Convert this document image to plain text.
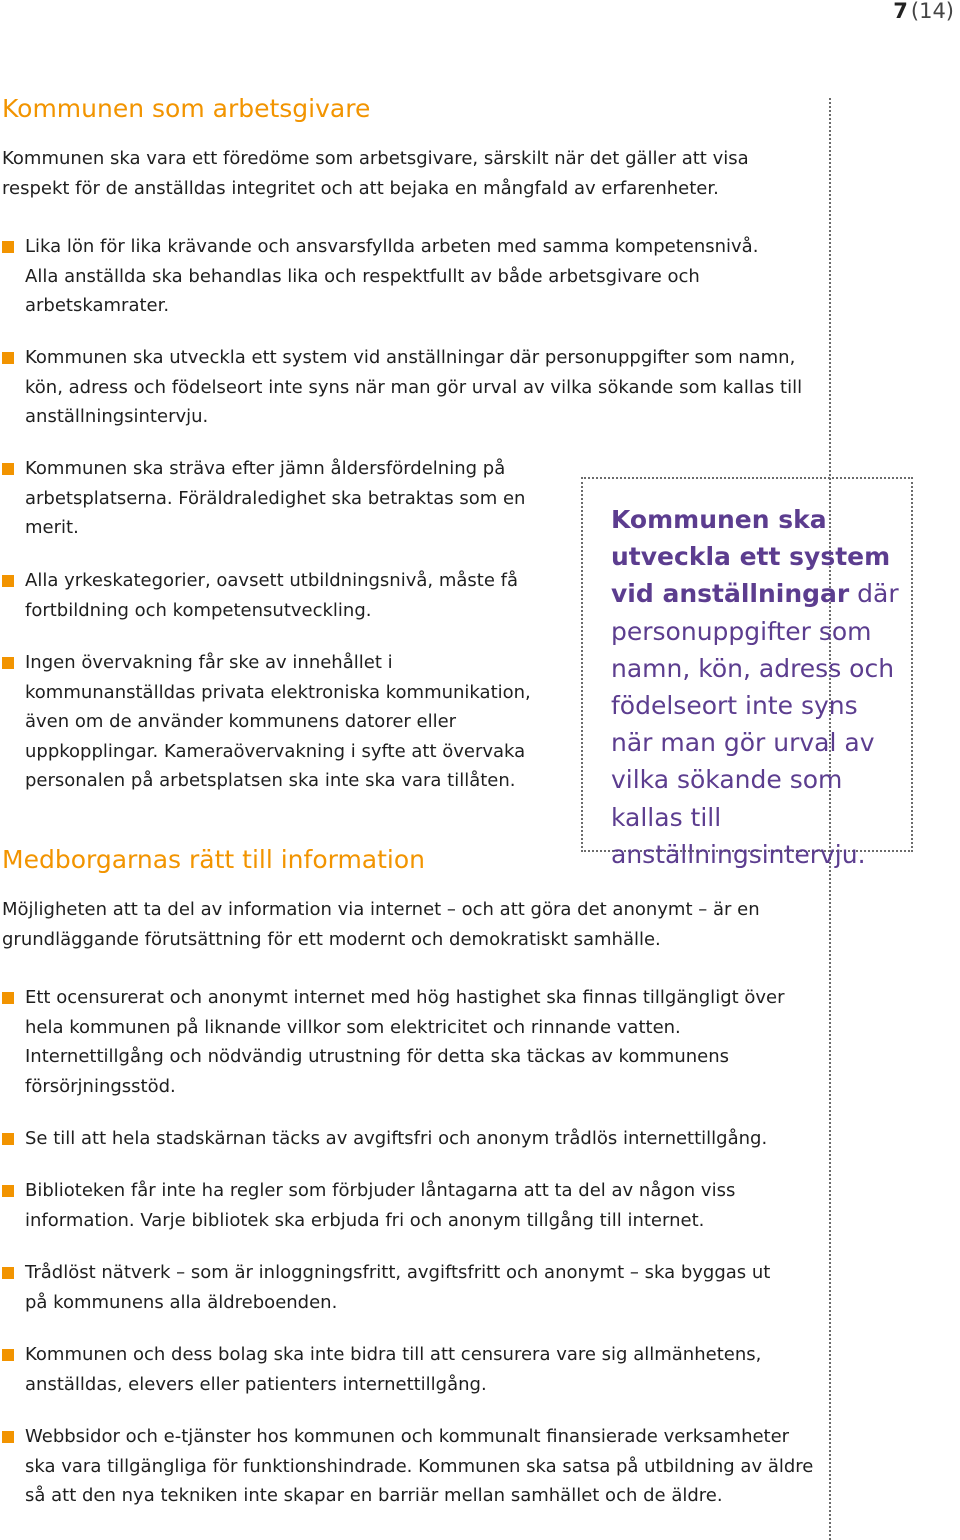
7 (14)
Kommunen som arbetsgivare

Kommunen ska vara ett föredöme som arbetsgivare, särskilt när det gäller att visa respekt för de anställdas integritet och att bejaka en mångfald av erfarenheter.

Lika lön för lika krävande och ansvarsfyllda arbeten med samma kompetensnivå. Alla anställda ska behandlas lika och respektfullt av både arbetsgivare och arbetskamrater.
Kommunen ska utveckla ett system vid anställningar där personuppgifter som namn, kön, adress och födelseort inte syns när man gör urval av vilka sökande som kallas till anställningsintervju.
Kommunen ska sträva efter jämn åldersfördelning på arbetsplatserna. Föräldraledighet ska betraktas som en merit.
Alla yrkeskategorier, oavsett utbildningsnivå, måste få fortbildning och kompetensutveckling.
Ingen övervakning får ske av innehållet i kommunanställdas privata elektroniska kommunikation, även om de använder kommunens datorer eller uppkopplingar. Kameraövervakning i syfte att övervaka personalen på arbetsplatsen ska inte ska vara tillåten.
Kommunen ska utveckla ett system vid anställningar där personuppgifter som namn, kön, adress och födelseort inte syns när man gör urval av vilka sökande som kallas till anställningsintervju.
Medborgarnas rätt till information

Möjligheten att ta del av information via internet – och att göra det anonymt – är en grundläggande förutsättning för ett modernt och demokratiskt samhälle.

Ett ocensurerat och anonymt internet med hög hastighet ska finnas tillgängligt över hela kommunen på liknande villkor som elektricitet och rinnande vatten. Internettillgång och nödvändig utrustning för detta ska täckas av kommunens försörjningsstöd.
Se till att hela stadskärnan täcks av avgiftsfri och anonym trådlös internettillgång.
Biblioteken får inte ha regler som förbjuder låntagarna att ta del av någon viss information. Varje bibliotek ska erbjuda fri och anonym tillgång till internet.
Trådlöst nätverk – som är inloggningsfritt, avgiftsfritt och anonymt – ska byggas ut på kommunens alla äldreboenden.
Kommunen och dess bolag ska inte bidra till att censurera vare sig allmänhetens, anställdas, elevers eller patienters internettillgång.
Webbsidor och e-tjänster hos kommunen och kommunalt finansierade verksamheter ska vara tillgängliga för funktionshindrade. Kommunen ska satsa på utbildning av äldre så att den nya tekniken inte skapar en barriär mellan samhället och de äldre.
